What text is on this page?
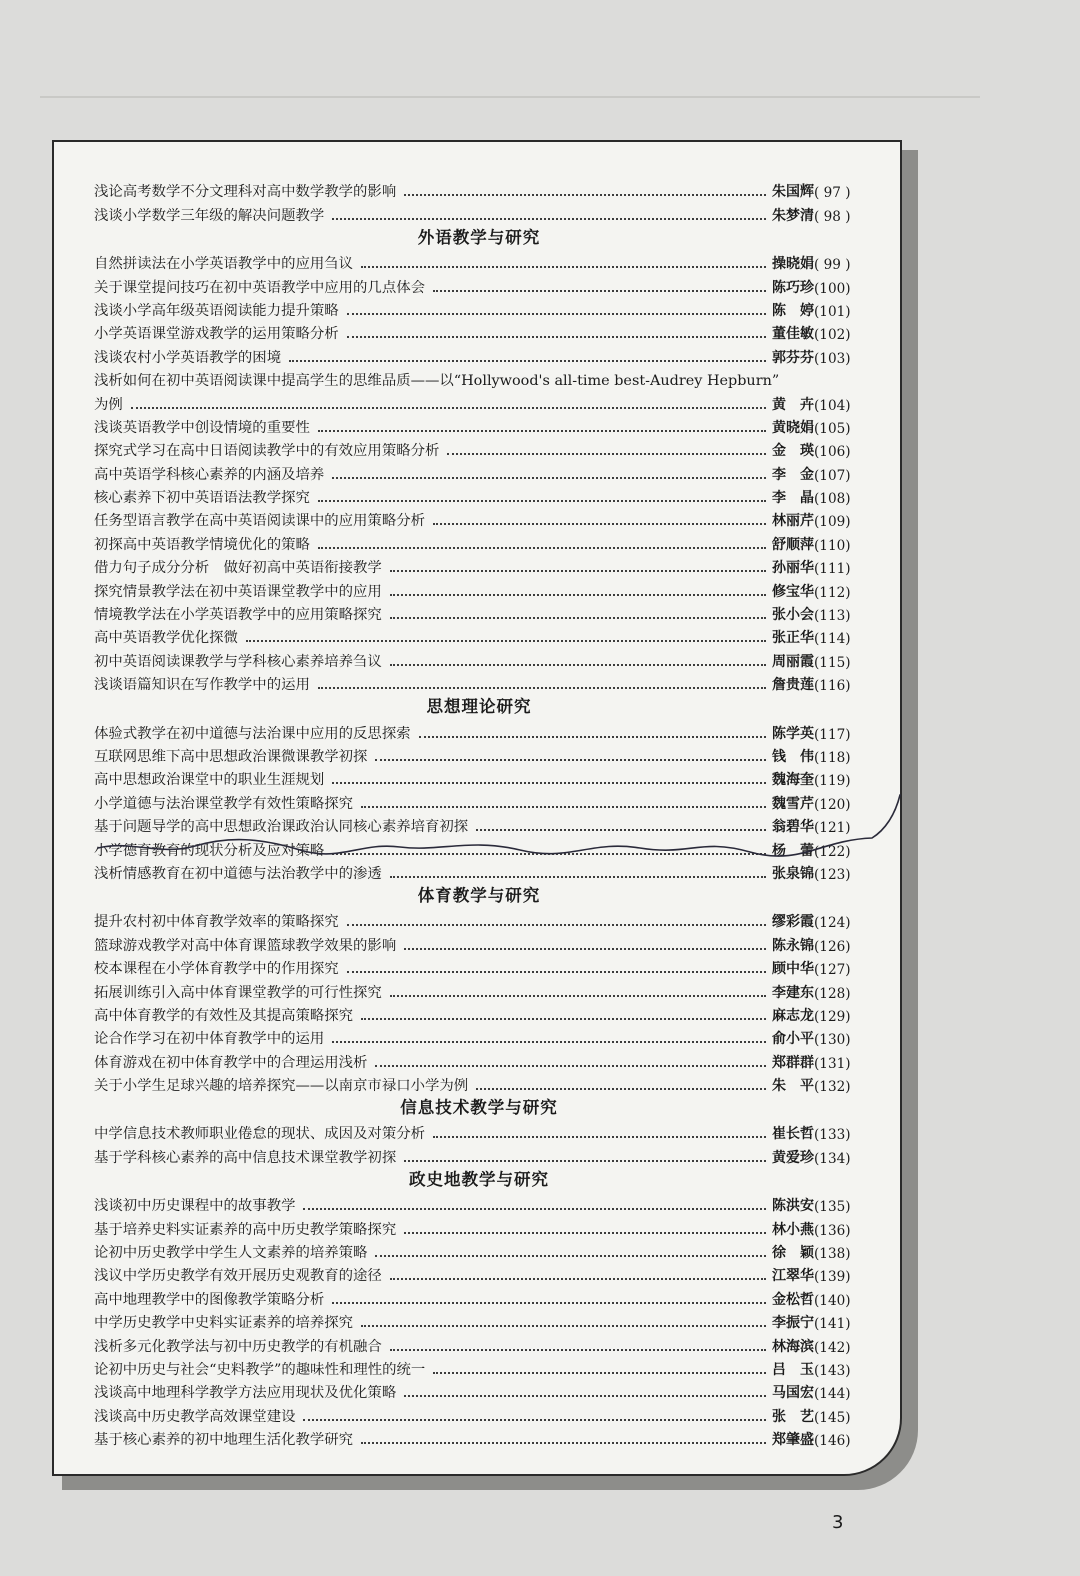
浅论高考数学不分文理科对高中数学教学的影响	朱国辉 ( 97 )
浅谈小学数学三年级的解决问题教学	朱梦清 ( 98 )
外语教学与研究
自然拼读法在小学英语教学中的应用刍议	操晓娟 ( 99 )
关于课堂提问技巧在初中英语教学中应用的几点体会	陈巧珍 (100)
浅谈小学高年级英语阅读能力提升策略	陈　婷 (101)
小学英语课堂游戏教学的运用策略分析	董佳敏 (102)
浅谈农村小学英语教学的困境	郭芬芬 (103)
浅析如何在初中英语阅读课中提高学生的思维品质——以“Hollywood's all-time best-Audrey Hepburn”
为例	黄　卉 (104)
浅谈英语教学中创设情境的重要性	黄晓娟 (105)
探究式学习在高中日语阅读教学中的有效应用策略分析	金　瑛 (106)
高中英语学科核心素养的内涵及培养	李　金 (107)
核心素养下初中英语语法教学探究	李　晶 (108)
任务型语言教学在高中英语阅读课中的应用策略分析	林丽芹 (109)
初探高中英语教学情境优化的策略	舒顺萍 (110)
借力句子成分分析　做好初高中英语衔接教学	孙丽华 (111)
探究情景教学法在初中英语课堂教学中的应用	修宝华 (112)
情境教学法在小学英语教学中的应用策略探究	张小会 (113)
高中英语教学优化探微	张正华 (114)
初中英语阅读课教学与学科核心素养培养刍议	周丽霞 (115)
浅谈语篇知识在写作教学中的运用	詹贵莲 (116)
思想理论研究
体验式教学在初中道德与法治课中应用的反思探索	陈学英 (117)
互联网思维下高中思想政治课微课教学初探	钱　伟 (118)
高中思想政治课堂中的职业生涯规划	魏海奎 (119)
小学道德与法治课堂教学有效性策略探究	魏雪芹 (120)
基于问题导学的高中思想政治课政治认同核心素养培育初探	翁碧华 (121)
小学德育教育的现状分析及应对策略	杨　蕾 (122)
浅析情感教育在初中道德与法治教学中的渗透	张泉锦 (123)
体育教学与研究
提升农村初中体育教学效率的策略探究	缪彩霞 (124)
篮球游戏教学对高中体育课篮球教学效果的影响	陈永锦 (126)
校本课程在小学体育教学中的作用探究	顾中华 (127)
拓展训练引入高中体育课堂教学的可行性探究	李建东 (128)
高中体育教学的有效性及其提高策略探究	麻志龙 (129)
论合作学习在初中体育教学中的运用	俞小平 (130)
体育游戏在初中体育教学中的合理运用浅析	郑群群 (131)
关于小学生足球兴趣的培养探究——以南京市禄口小学为例	朱　平 (132)
信息技术教学与研究
中学信息技术教师职业倦怠的现状、成因及对策分析	崔长哲 (133)
基于学科核心素养的高中信息技术课堂教学初探	黄爱珍 (134)
政史地教学与研究
浅谈初中历史课程中的故事教学	陈洪安 (135)
基于培养史料实证素养的高中历史教学策略探究	林小燕 (136)
论初中历史教学中学生人文素养的培养策略	徐　颖 (138)
浅议中学历史教学有效开展历史观教育的途径	江翠华 (139)
高中地理教学中的图像教学策略分析	金松哲 (140)
中学历史教学中史料实证素养的培养探究	李振宁 (141)
浅析多元化教学法与初中历史教学的有机融合	林海滨 (142)
论初中历史与社会“史料教学”的趣味性和理性的统一	吕　玉 (143)
浅谈高中地理科学教学方法应用现状及优化策略	马国宏 (144)
浅谈高中历史教学高效课堂建设	张　艺 (145)
基于核心素养的初中地理生活化教学研究	郑肇盛 (146)
3
